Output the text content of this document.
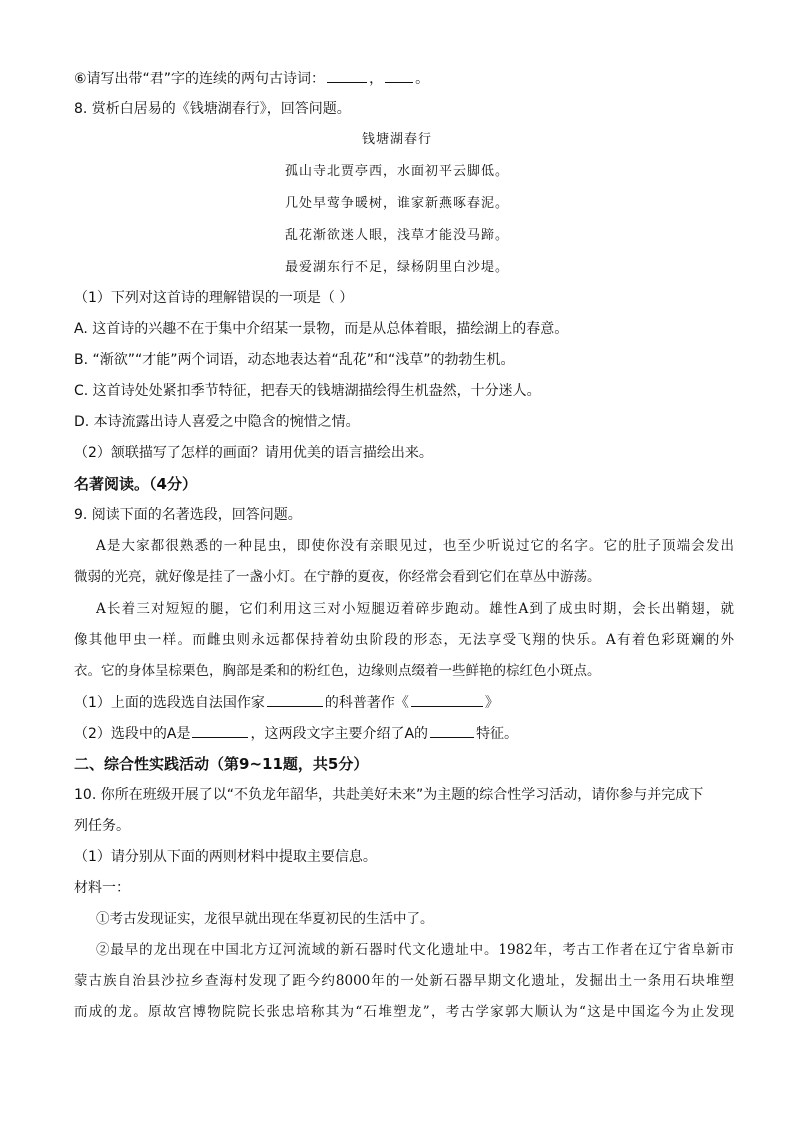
⑥请写出带“君”字的连续的两句古诗词：	， 。
8. 赏析白居易的《钱塘湖春行》，回答问题。
钱塘湖春行
孤山寺北贾亭西，水面初平云脚低。
几处早莺争暖树，谁家新燕啄春泥。
乱花渐欲迷人眼，浅草才能没马蹄。
最爱湖东行不足，绿杨阴里白沙堤。
（1）下列对这首诗的理解错误的一项是（ ）
A. 这首诗的兴趣不在于集中介绍某一景物，而是从总体着眼，描绘湖上的春意。
B. “渐欲”“才能”两个词语，动态地表达着“乱花”和“浅草”的勃勃生机。
C. 这首诗处处紧扣季节特征，把春天的钱塘湖描绘得生机盎然，十分迷人。
D. 本诗流露出诗人喜爱之中隐含的惋惜之情。
（2）颔联描写了怎样的画面？请用优美的语言描绘出来。
名著阅读。（4分）
9. 阅读下面的名著选段，回答问题。
A是大家都很熟悉的一种昆虫，即使你没有亲眼见过，也至少听说过它的名字。它的肚子顶端会发出
微弱的光亮，就好像是挂了一盏小灯。在宁静的夏夜，你经常会看到它们在草丛中游荡。
A长着三对短短的腿，它们利用这三对小短腿迈着碎步跑动。雄性A到了成虫时期，会长出鞘翅，就
像其他甲虫一样。而雌虫则永远都保持着幼虫阶段的形态，无法享受飞翔的快乐。A有着色彩斑斓的外
衣。它的身体呈棕栗色，胸部是柔和的粉红色，边缘则点缀着一些鲜艳的棕红色小斑点。
（1）上面的选段选自法国作家	的科普著作《	》
（2）选段中的A是	，这两段文字主要介绍了A的	特征。
二、综合性实践活动（第9~11题，共5分）
10. 你所在班级开展了以“不负龙年韶华，共赴美好未来”为主题的综合性学习活动，请你参与并完成下
列任务。
（1）请分别从下面的两则材料中提取主要信息。
材料一：
①考古发现证实，龙很早就出现在华夏初民的生活中了。
②最早的龙出现在中国北方辽河流域的新石器时代文化遗址中。1982年，考古工作者在辽宁省阜新市
蒙古族自治县沙拉乡查海村发现了距今约8000年的一处新石器早期文化遗址，发掘出土一条用石块堆塑
而成的龙。原故宫博物院院长张忠培称其为“石堆塑龙”，考古学家郭大顺认为“这是中国迄今为止发现
